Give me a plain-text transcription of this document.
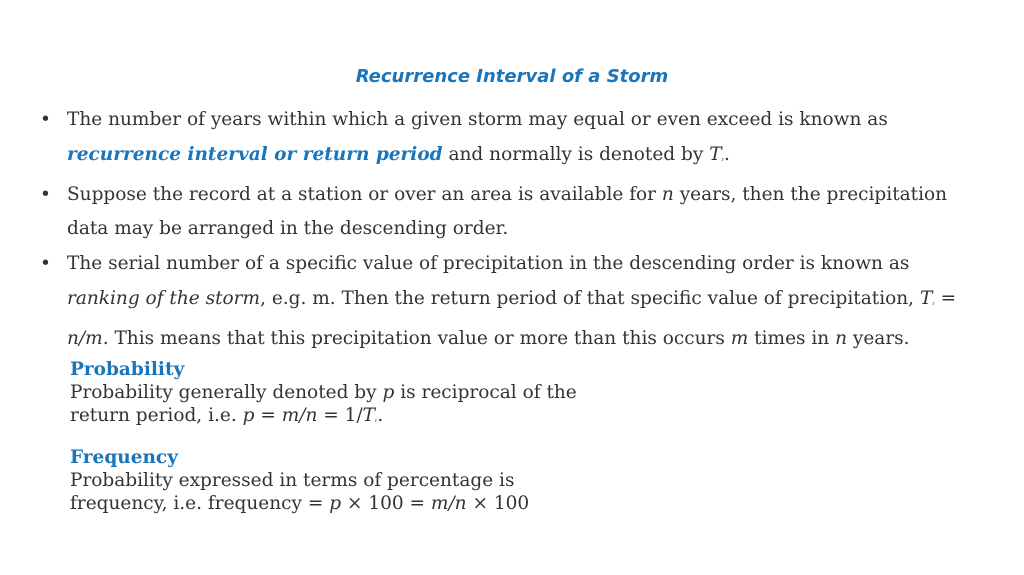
Recurrence Interval of a Storm
• The number of years within which a given storm may equal or even exceed is known as recurrence interval or return period and normally is denoted by $T_r$.
• Suppose the record at a station or over an area is available for n years, then the precipitation data may be arranged in the descending order.
• The serial number of a specific value of precipitation in the descending order is known as ranking of the storm, e.g. m. Then the return period of that specific value of precipitation, $T_r = n/m$. This means that this precipitation value or more than this occurs m times in n years.
Probability
Probability generally denoted by p is reciprocal of the
return period, i.e. $p = m/n = 1/T_r$.
Frequency
Probability expressed in terms of percentage is
frequency, i.e. frequency = p × 100 = m/n × 100
